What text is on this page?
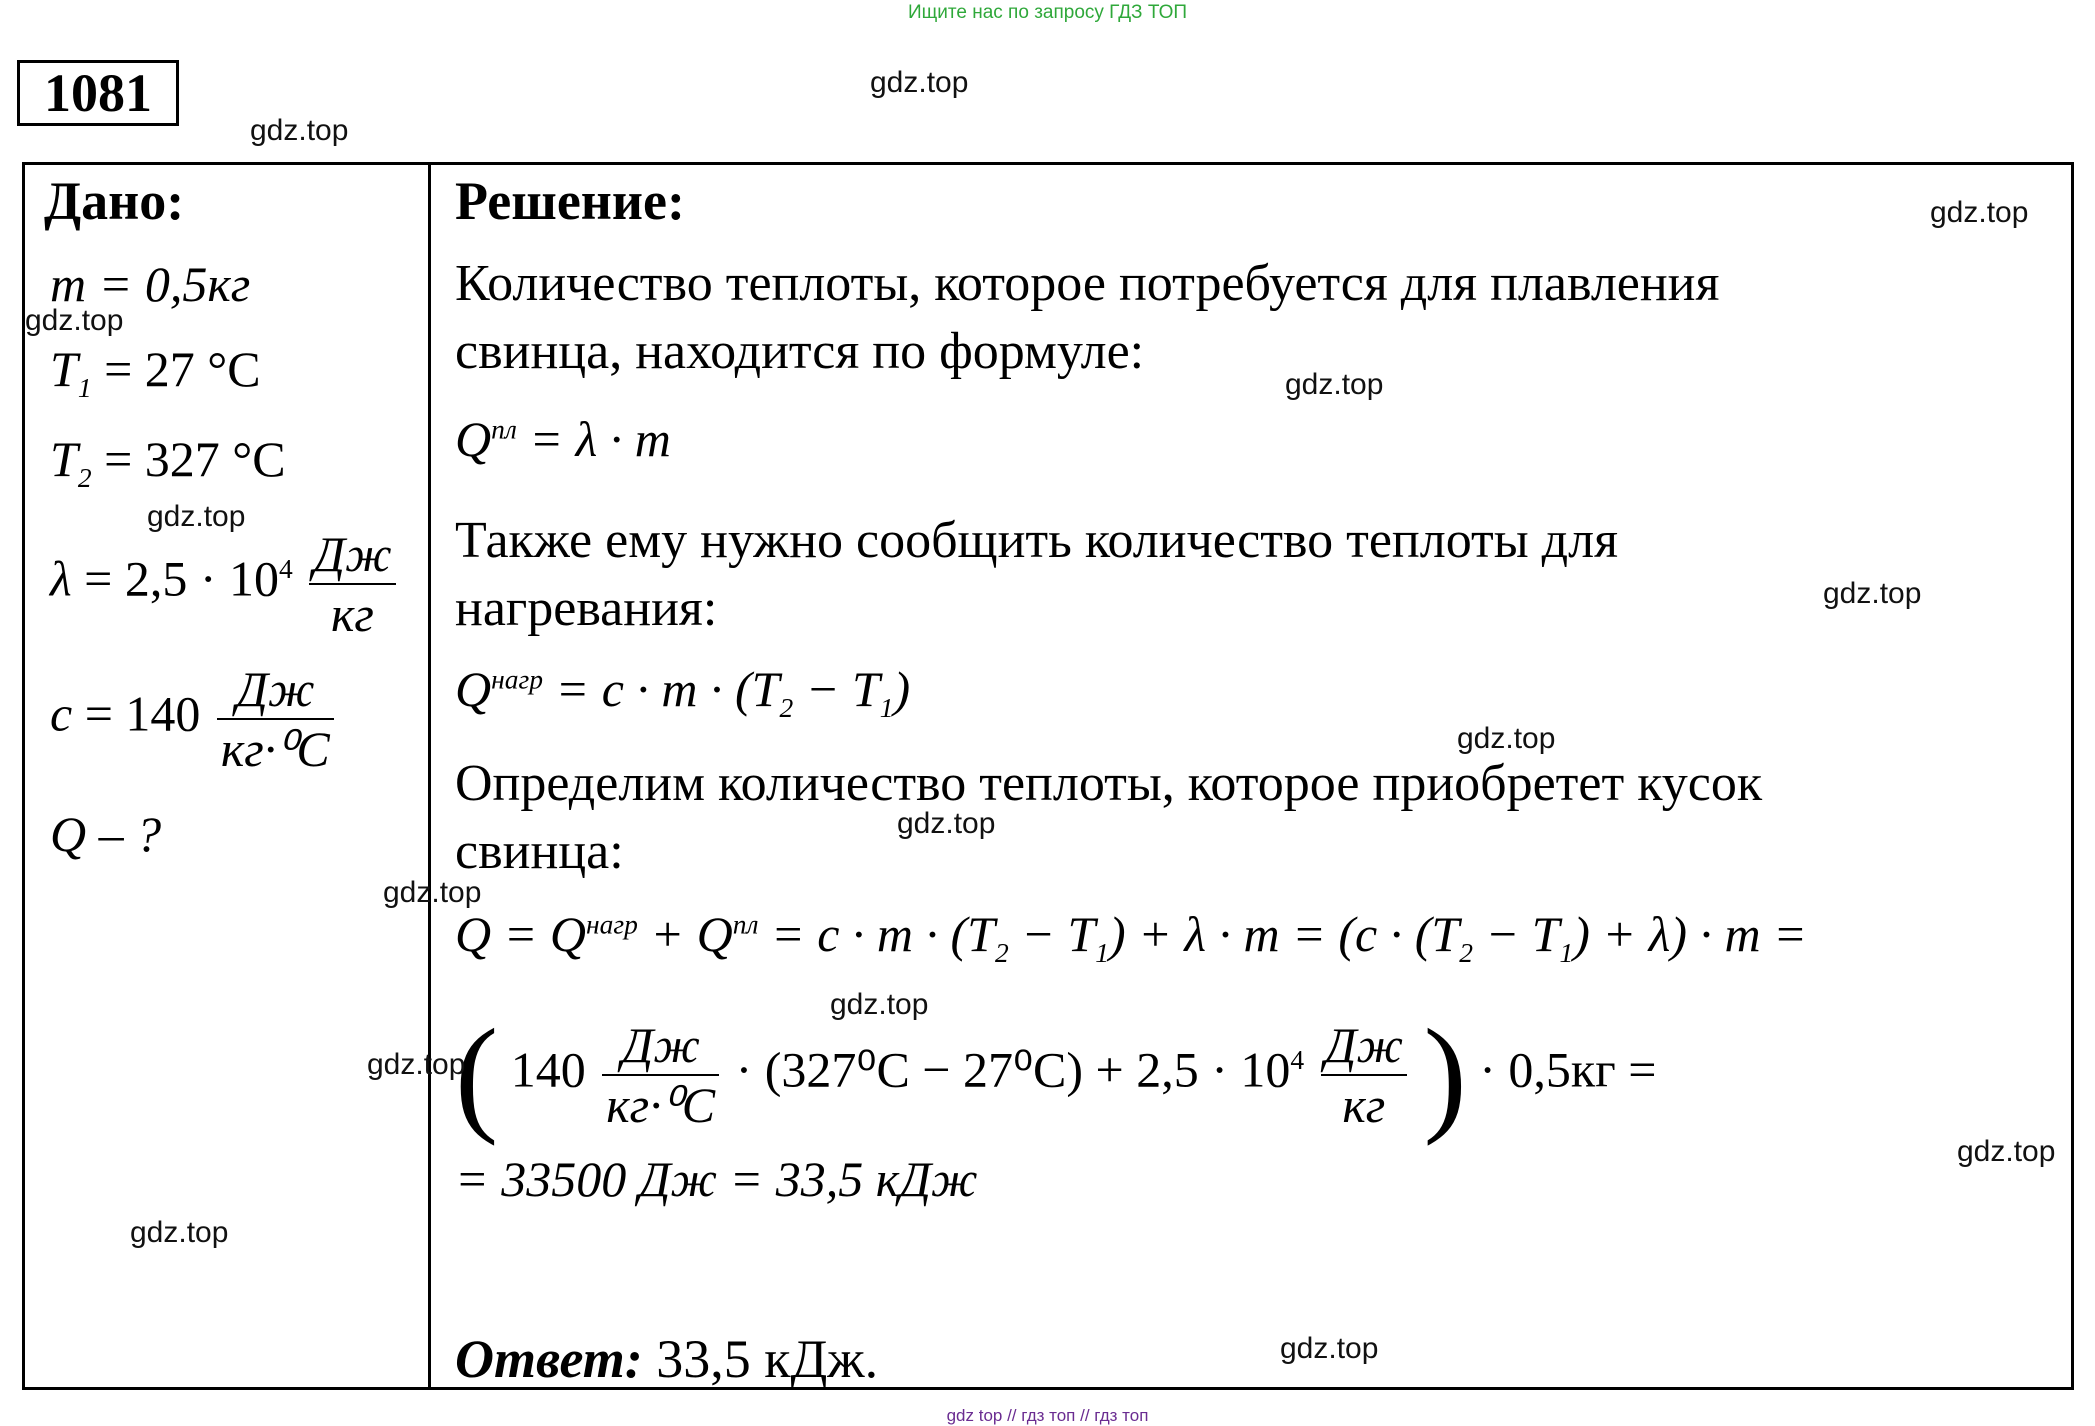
Ищите нас по запросу ГДЗ ТОП
1081
Дано:
m = 0,5кг
$T_1 = 27$ °C
$T_2 = 327$ °C
$\lambda = 2,5 \cdot 10^4 \frac{Дж}{кг}$
$c = 140 \frac{Дж}{\text{кг·⁰C}}$
Q – ?
Решение:
Количество теплоты, которое потребуется для плавления
свинца, находится по формуле:
$Q^{пл} = \lambda \cdot m$
Также ему нужно сообщить количество теплоты для
нагревания:
$Q^{нагр} = c \cdot m \cdot (T_2 - T_1)$
Определим количество теплоты, которое приобретет кусок
свинца:
$Q = Q^{нагр} + Q^{пл} = c \cdot m \cdot (T_2 - T_1) + \lambda \cdot m = (c \cdot (T_2 - T_1) + \lambda) \cdot m$ =
( $140 \frac{Дж}{\text{кг·⁰C}} \cdot (327^0C - 27^0C) + 2,5 \cdot 10^4 \frac{Дж}{кг}$ ) · 0,5кг =
= 33500 Дж = 33,5 кДж
Ответ: 33,5 кДж.
gdz.top
gdz.top
gdz.top
gdz.top
gdz.top
gdz.top
gdz.top
gdz.top
gdz.top
gdz.top
gdz.top
gdz.top
gdz.top
gdz.top
gdz.top
gdz top // гдз топ // гдз топ
